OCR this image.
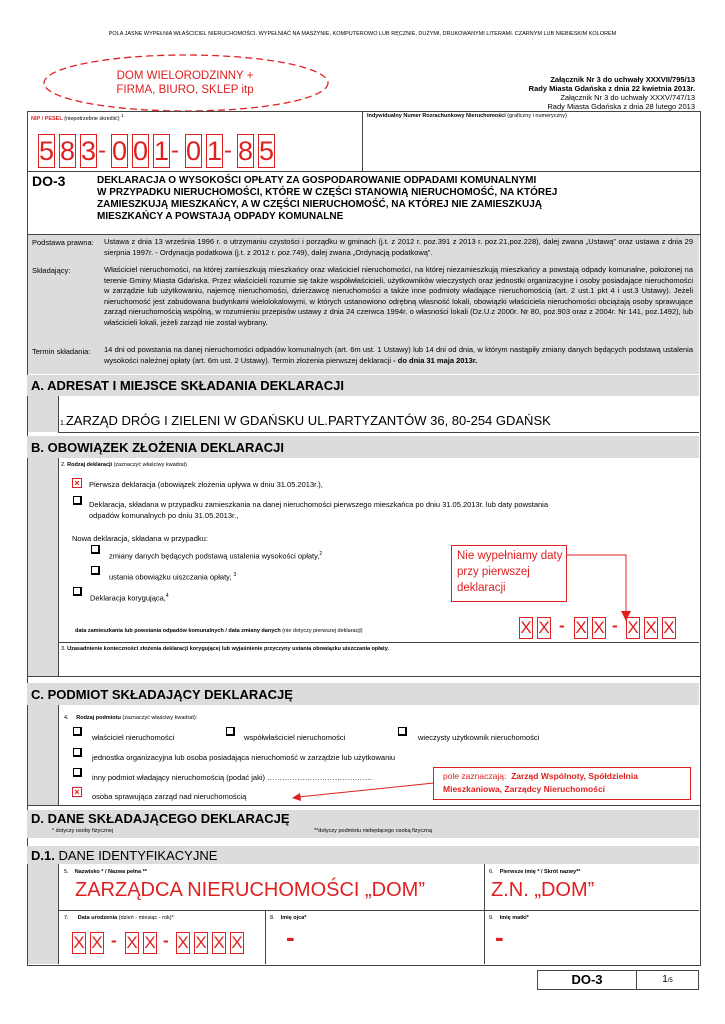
POLA JASNE WYPEŁNIA WŁAŚCICIEL NIERUCHOMOŚCI. WYPEŁNIAĆ NA MASZYNIE, KOMPUTEROWO LUB RĘCZNIE, DUŻYMI, DRUKOWANYMI LITERAMI. CZARNYM LUB NIEBIESKIM KOLOREM
DOM WIELORODZINNY +
FIRMA, BIURO, SKLEP itp
Załącznik Nr 3 do uchwały XXXVII/795/13
Rady Miasta Gdańska z dnia 22 kwietnia 2013r.
Załącznik Nr 3 do uchwały XXXV/747/13
Rady Miasta Gdańska z dnia 28 lutego 2013
NIP / PESEL (niepotrzebne skreślić) $^1$	Indywidualny Numer Rozrachunkowy Nieruchomości (graficzny i numeryczny)
5 8 3 - 0 0 1 - 0 1 - 8 5
DO-3	DEKLARACJA O WYSOKOŚCI OPŁATY ZA GOSPODAROWANIE ODPADAMI KOMUNALNYMI
W PRZYPADKU NIERUCHOMOŚCI, KTÓRE W CZĘŚCI STANOWIĄ NIERUCHOMOŚĆ, NA KTÓREJ
ZAMIESZKUJĄ MIESZKAŃCY, A W CZĘŚCI NIERUCHOMOŚĆ, NA KTÓREJ NIE ZAMIESZKUJĄ
MIESZKAŃCY A POWSTAJĄ ODPADY KOMUNALNE
Podstawa prawna: Ustawa z dnia 13 września 1996 r. o utrzymaniu czystości i porządku w gminach (j.t. z 2012 r. poz.391 z 2013 r. poz.21,poz.228), dalej zwana „Ustawą” oraz ustawa z dnia 29 sierpnia 1997r. - Ordynacja podatkowa (j.t. z 2012 r. poz.749), dalej zwana „Ordynacją podatkową”.
Składający:	Właściciel nieruchomości, na której zamieszkują mieszkańcy oraz właściciel nieruchomości, na której niezamieszkują mieszkańcy a powstają odpady komunalne, położonej na terenie Gminy Miasta Gdańska. Przez właścicieli rozumie się także współwłaścicieli, użytkowników wieczystych oraz jednostki organizacyjne i osoby posiadające nieruchomości w zarządzie lub użytkowaniu, najemcę nieruchomości, dzierżawcę nieruchomości a także inne podmioty władające nieruchomością (art. 2 ust.1 pkt 4 i ust.3 Ustawy). Jeżeli nieruchomość jest zabudowana budynkami wielolokalowymi, w których ustanowiono odrębną własność lokali, obowiązki właściciela nieruchomości obciążają osoby sprawujące zarząd nieruchomością wspólną, w rozumieniu przepisów ustawy z dnia 24 czerwca 1994r. o własności lokali (Dz.U.z 2000r. Nr 80, poz.903 oraz z 2004r. Nr 141, poz.1492), lub właścicieli lokali, jeżeli zarząd nie został wybrany.
Termin składania: 14 dni od powstania na danej nieruchomości odpadów komunalnych (art. 6m ust. 1 Ustawy) lub 14 dni od dnia, w którym nastąpiły zmiany danych będących podstawą ustalenia wysokości należnej opłaty (art. 6m ust. 2 Ustawy). Termin złożenia pierwszej deklaracji - do dnia 31 maja 2013r.
A. ADRESAT I MIEJSCE SKŁADANIA DEKLARACJI
1.ZARZĄD DRÓG I ZIELENI W GDAŃSKU UL.PARTYZANTÓW 36, 80-254 GDAŃSK
B. OBOWIĄZEK ZŁOŻENIA DEKLARACJI
2. Rodzaj deklaracji (zaznaczyć właściwy kwadrat)
×	Pierwsza deklaracja (obowiązek złożenia upływa w dniu 31.05.2013r.),
Deklaracja, składana w przypadku zamieszkania na danej nieruchomości pierwszego mieszkańca po dniu 31.05.2013r. lub daty powstania
odpadów komunalnych po dniu 31.05.2013r.,
Nowa deklaracja, składana w przypadku:
zmiany danych będących podstawą ustalenia wysokości opłaty,$^2$
ustania obowiązku uiszczania opłaty, $^3$
Deklaracja korygująca,$^4$
Nie wypełniamy daty
przy pierwszej
deklaracji
data zamieszkania lub powstania odpadów komunalnych / data zmiany danych (nie dotyczy pierwszej deklaracji)	X X - X X - X X X
3. Uzasadnienie konieczności złożenia deklaracji korygującej lub wyjaśnienie przyczyny ustania obowiązku uiszczania opłaty.
C. PODMIOT SKŁADAJĄCY DEKLARACJĘ
4. Rodzaj podmiotu (zaznaczyć właściwy kwadrat):
właściciel nieruchomości	współwłaściciel nieruchomości	wieczysty użytkownik nieruchomości
jednostka organizacyjna lub osoba posiadająca nieruchomość w zarządzie lub użytkowaniu
inny podmiot władający nieruchomością (podać jaki) ……………………………………
×	osoba sprawująca zarząd nad nieruchomością
pole zaznaczają: Zarząd Wspólnoty, Spółdzielnia
Mieszkaniowa, Zarządcy Nieruchomości
D. DANE SKŁADAJĄCEGO DEKLARACJĘ
* dotyczy osoby fizycznej	**dotyczy podmiotu niebędącego osobą fizyczną
D.1.
DANE IDENTYFIKACYJNE
5. Nazwisko * / Nazwa pełna **
ZARZĄDCA NIERUCHOMOŚCI „DOM”
6. Pierwsze imię * / Skrót nazwy**
Z.N. „DOM”
7. Data urodzenia (dzień - miesiąc - rok)*
X X - X X - X X X X
8. Imię ojca*
-
9. Imię matki*
-
DO-3	1/5
